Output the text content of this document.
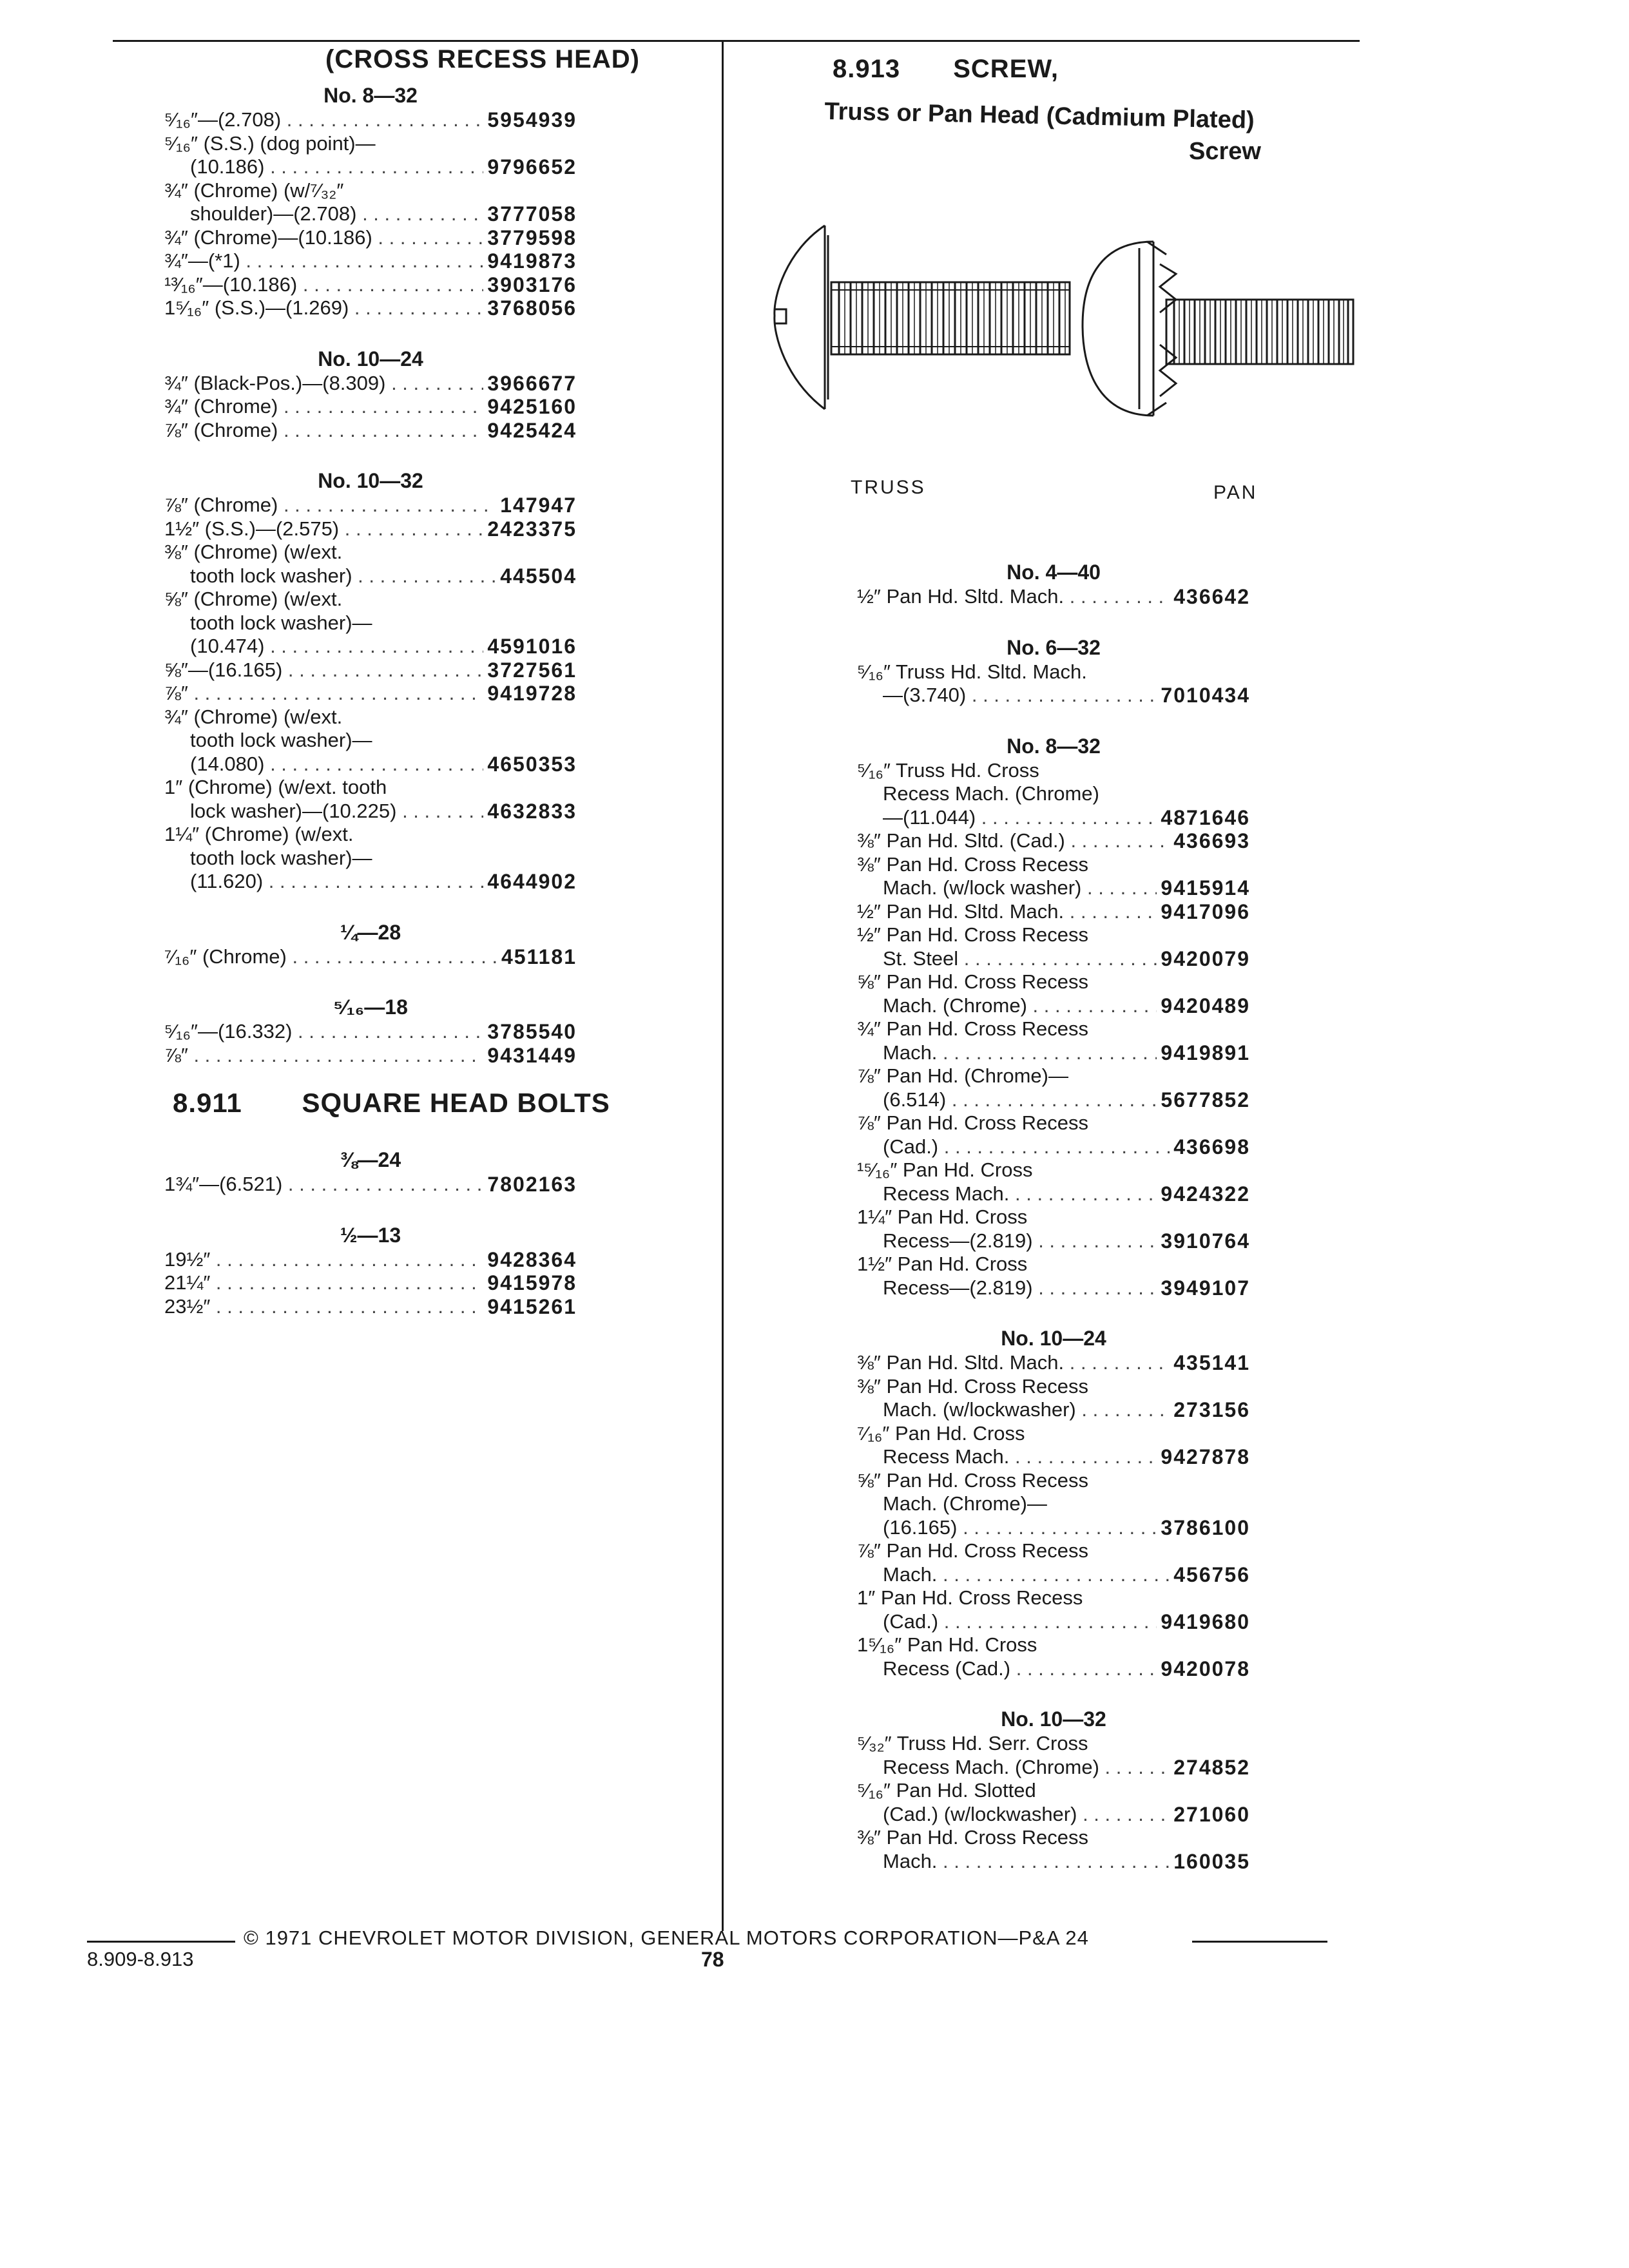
(CROSS RECESS HEAD)
No. 8—32
⁵⁄₁₆″—(2.708) . . .	5954939
⁵⁄₁₆″ (S.S.) (dog point)—
(10.186) . . .	9796652
¾″ (Chrome) (w/⁷⁄₃₂″
shoulder)—(2.708) . . .	3777058
¾″ (Chrome)—(10.186) . . .	3779598
¾″—(*1) . . .	9419873
¹³⁄₁₆″—(10.186) . . .	3903176
1⁵⁄₁₆″ (S.S.)—(1.269) . . .	3768056
No. 10—24
¾″ (Black-Pos.)—(8.309) . . .	3966677
¾″ (Chrome) . . .	9425160
⅞″ (Chrome) . . .	9425424
No. 10—32
⅞″ (Chrome) . . .	147947
1½″ (S.S.)—(2.575) . . .	2423375
⅜″ (Chrome) (w/ext.
tooth lock washer) . . .	445504
⅝″ (Chrome) (w/ext.
tooth lock washer)—
(10.474) . . .	4591016
⅝″—(16.165) . . .	3727561
⅞″ . . .	9419728
¾″ (Chrome) (w/ext.
tooth lock washer)—
(14.080) . . .	4650353
1″ (Chrome) (w/ext. tooth
lock washer)—(10.225) . . .	4632833
1¼″ (Chrome) (w/ext.
tooth lock washer)—
(11.620) . . .	4644902
¼—28
⁷⁄₁₆″ (Chrome) . . .	451181
⁵⁄₁₆—18
⁵⁄₁₆″—(16.332) . . .	3785540
⅞″ . . .	9431449
8.911 SQUARE HEAD BOLTS
⅜—24
1¾″—(6.521) . . .	7802163
½—13
19½″ . . .	9428364
21¼″ . . .	9415978
23½″ . . .	9415261
8.913 SCREW,
Truss or Pan Head (Cadmium Plated)
Screw
TRUSS	PAN
No. 4—40
½″ Pan Hd. Sltd. Mach. . . .	436642
No. 6—32
⁵⁄₁₆″ Truss Hd. Sltd. Mach.
—(3.740) . . .	7010434
No. 8—32
⁵⁄₁₆″ Truss Hd. Cross
Recess Mach. (Chrome)
—(11.044) . . .	4871646
⅜″ Pan Hd. Sltd. (Cad.) . . .	436693
⅜″ Pan Hd. Cross Recess
Mach. (w/lock washer) . . .	9415914
½″ Pan Hd. Sltd. Mach. . . .	9417096
½″ Pan Hd. Cross Recess
St. Steel . . .	9420079
⅝″ Pan Hd. Cross Recess
Mach. (Chrome) . . .	9420489
¾″ Pan Hd. Cross Recess
Mach. . . .	9419891
⅞″ Pan Hd. (Chrome)—
(6.514) . . .	5677852
⅞″ Pan Hd. Cross Recess
(Cad.) . . .	436698
¹⁵⁄₁₆″ Pan Hd. Cross
Recess Mach. . . .	9424322
1¼″ Pan Hd. Cross
Recess—(2.819) . . .	3910764
1½″ Pan Hd. Cross
Recess—(2.819) . . .	3949107
No. 10—24
⅜″ Pan Hd. Sltd. Mach. . . .	435141
⅜″ Pan Hd. Cross Recess
Mach. (w/lockwasher) . . .	273156
⁷⁄₁₆″ Pan Hd. Cross
Recess Mach. . . .	9427878
⅝″ Pan Hd. Cross Recess
Mach. (Chrome)—
(16.165) . . .	3786100
⅞″ Pan Hd. Cross Recess
Mach. . . .	456756
1″ Pan Hd. Cross Recess
(Cad.) . . .	9419680
1⁵⁄₁₆″ Pan Hd. Cross
Recess (Cad.) . . .	9420078
No. 10—32
⁵⁄₃₂″ Truss Hd. Serr. Cross
Recess Mach. (Chrome) . . .	274852
⁵⁄₁₆″ Pan Hd. Slotted
(Cad.) (w/lockwasher) . . .	271060
⅜″ Pan Hd. Cross Recess
Mach. . . .	160035
© 1971 CHEVROLET MOTOR DIVISION, GENERAL MOTORS CORPORATION—P&A 24
8.909-8.913	78
